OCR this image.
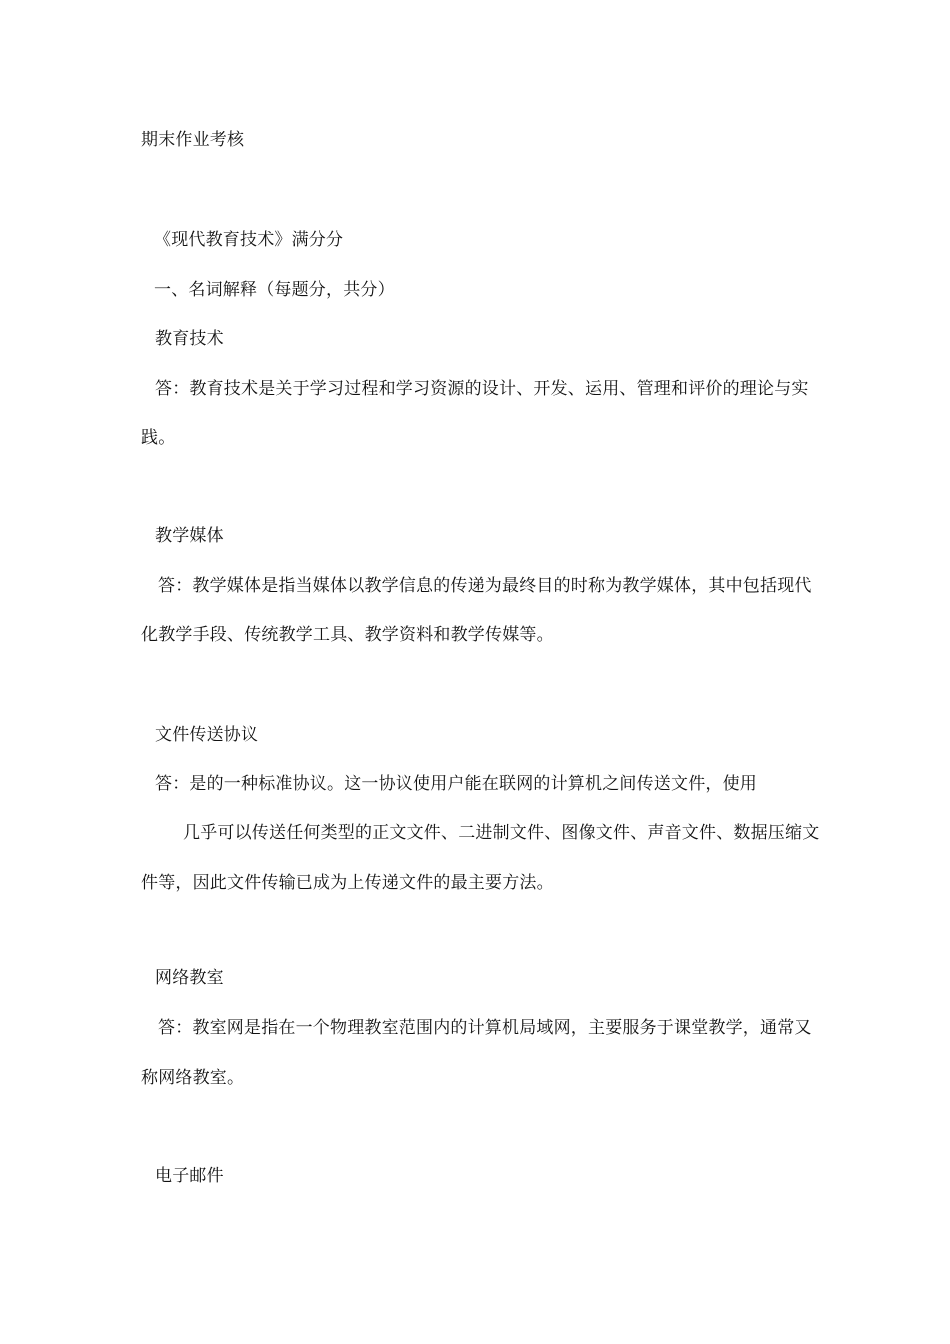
期末作业考核
《现代教育技术》满分分
一、名词解释（每题分，共分）
教育技术
答：教育技术是关于学习过程和学习资源的设计、开发、运用、管理和评价的理论与实
践。
教学媒体
答：教学媒体是指当媒体以教学信息的传递为最终目的时称为教学媒体，其中包括现代
化教学手段、传统教学工具、教学资料和教学传媒等。
文件传送协议
答：是的一种标准协议。这一协议使用户能在联网的计算机之间传送文件，使用
几乎可以传送任何类型的正文文件、二进制文件、图像文件、声音文件、数据压缩文
件等，因此文件传输已成为上传递文件的最主要方法。
网络教室
答：教室网是指在一个物理教室范围内的计算机局域网，主要服务于课堂教学，通常又
称网络教室。
电子邮件
